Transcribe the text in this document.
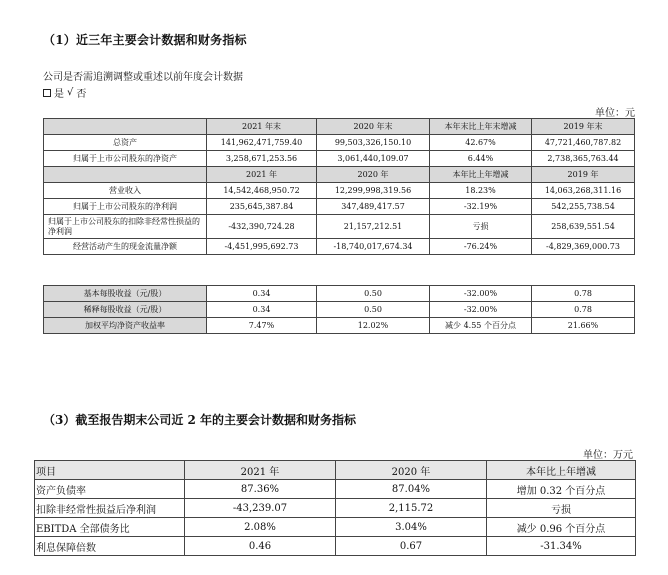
（1）近三年主要会计数据和财务指标
公司是否需追溯调整或重述以前年度会计数据
是 √ 否
单位：元
	2021 年末	2020 年末	本年末比上年末增减	2019 年末
总资产	141,962,471,759.40	99,503,326,150.10	42.67%	47,721,460,787.82
归属于上市公司股东的净资产	3,258,671,253.56	3,061,440,109.07	6.44%	2,738,365,763.44
	2021 年	2020 年	本年比上年增减	2019 年
营业收入	14,542,468,950.72	12,299,998,319.56	18.23%	14,063,268,311.16
归属于上市公司股东的净利润	235,645,387.84	347,489,417.57	-32.19%	542,255,738.54
归属于上市公司股东的扣除非经常性损益的净利润	-432,390,724.28	21,157,212.51	亏损	258,639,551.54
经营活动产生的现金流量净额	-4,451,995,692.73	-18,740,017,674.34	-76.24%	-4,829,369,000.73
基本每股收益（元/股）	0.34	0.50	-32.00%	0.78
稀释每股收益（元/股）	0.34	0.50	-32.00%	0.78
加权平均净资产收益率	7.47%	12.02%	减少 4.55 个百分点	21.66%
（3）截至报告期末公司近 2 年的主要会计数据和财务指标
单位：万元
项目	2021 年	2020 年	本年比上年增减
资产负债率	87.36%	87.04%	增加 0.32 个百分点
扣除非经常性损益后净利润	-43,239.07	2,115.72	亏损
EBITDA 全部债务比	2.08%	3.04%	减少 0.96 个百分点
利息保障倍数	0.46	0.67	-31.34%
